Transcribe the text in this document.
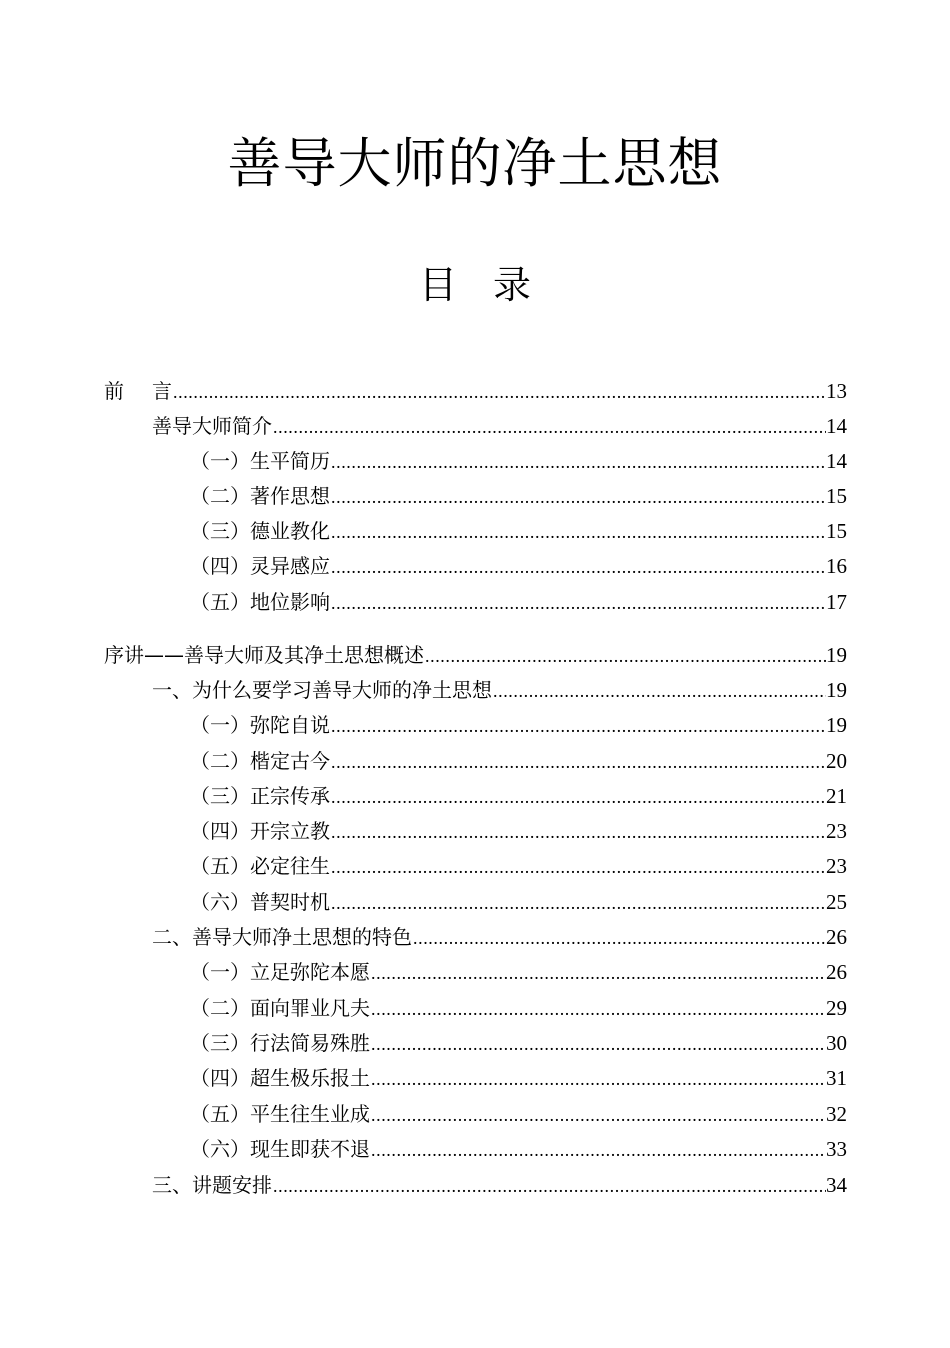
善导大师的净土思想
目 录
前 言 .....	13
善导大师简介 .....	14
（一）生平简历 .....	14
（二）著作思想 .....	15
（三）德业教化 .....	15
（四）灵异感应 .....	16
（五）地位影响 .....	17
序讲——善导大师及其净土思想概述 .....	19
一、为什么要学习善导大师的净土思想 .....	19
（一）弥陀自说 .....	19
（二）楷定古今 .....	20
（三）正宗传承 .....	21
（四）开宗立教 .....	23
（五）必定往生 .....	23
（六）普契时机 .....	25
二、善导大师净土思想的特色 .....	26
（一）立足弥陀本愿 .....	26
（二）面向罪业凡夫 .....	29
（三）行法简易殊胜 .....	30
（四）超生极乐报土 .....	31
（五）平生往生业成 .....	32
（六）现生即获不退 .....	33
三、讲题安排 .....	34
